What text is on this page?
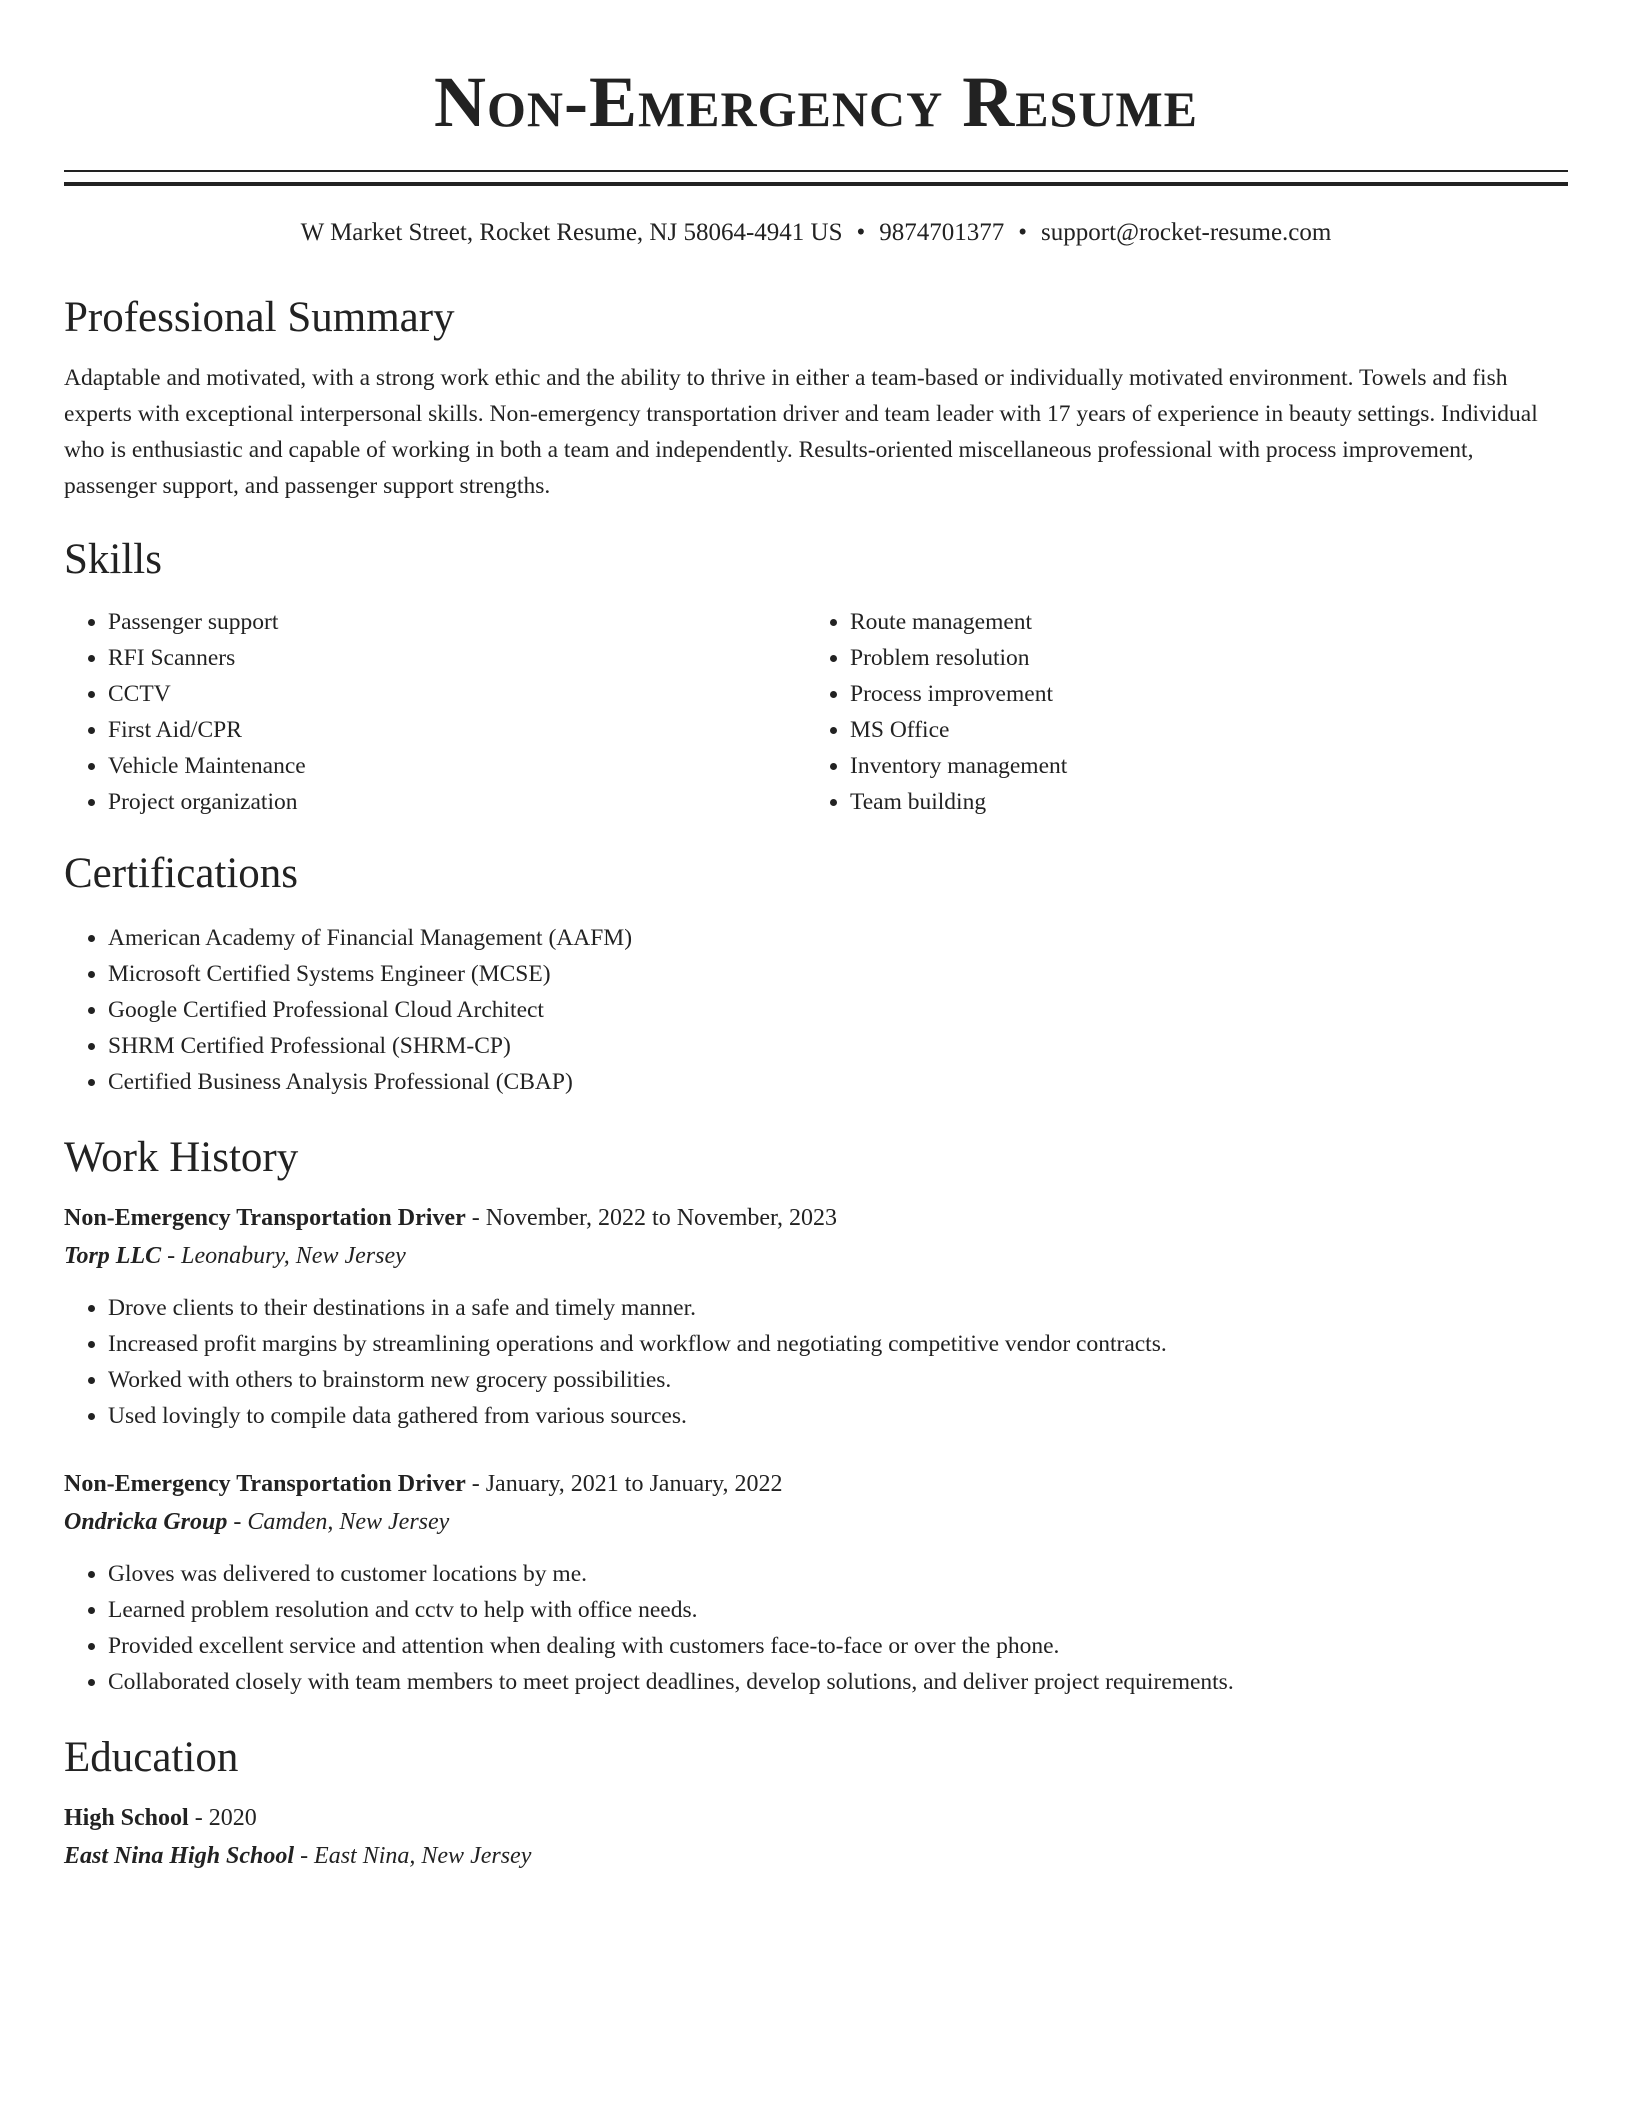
Non-Emergency Resume
W Market Street, Rocket Resume, NJ 58064-4941 US • 9874701377 • support@rocket-resume.com
Professional Summary

Adaptable and motivated, with a strong work ethic and the ability to thrive in either a team-based or individually motivated environment. Towels and fish experts with exceptional interpersonal skills. Non-emergency transportation driver and team leader with 17 years of experience in beauty settings. Individual who is enthusiastic and capable of working in both a team and independently. Results-oriented miscellaneous professional with process improvement, passenger support, and passenger support strengths.

Skills
• Passenger support
• RFI Scanners
• CCTV
• First Aid/CPR
• Vehicle Maintenance
• Project organization
• Route management
• Problem resolution
• Process improvement
• MS Office
• Inventory management
• Team building
Certifications
• American Academy of Financial Management (AAFM)
• Microsoft Certified Systems Engineer (MCSE)
• Google Certified Professional Cloud Architect
• SHRM Certified Professional (SHRM-CP)
• Certified Business Analysis Professional (CBAP)
Work History

Non-Emergency Transportation Driver - November, 2022 to November, 2023

Torp LLC - Leonabury, New Jersey

• Drove clients to their destinations in a safe and timely manner.
• Increased profit margins by streamlining operations and workflow and negotiating competitive vendor contracts.
• Worked with others to brainstorm new grocery possibilities.
• Used lovingly to compile data gathered from various sources.

Non-Emergency Transportation Driver - January, 2021 to January, 2022

Ondricka Group - Camden, New Jersey

• Gloves was delivered to customer locations by me.
• Learned problem resolution and cctv to help with office needs.
• Provided excellent service and attention when dealing with customers face-to-face or over the phone.
• Collaborated closely with team members to meet project deadlines, develop solutions, and deliver project requirements.
Education

High School - 2020

East Nina High School - East Nina, New Jersey
